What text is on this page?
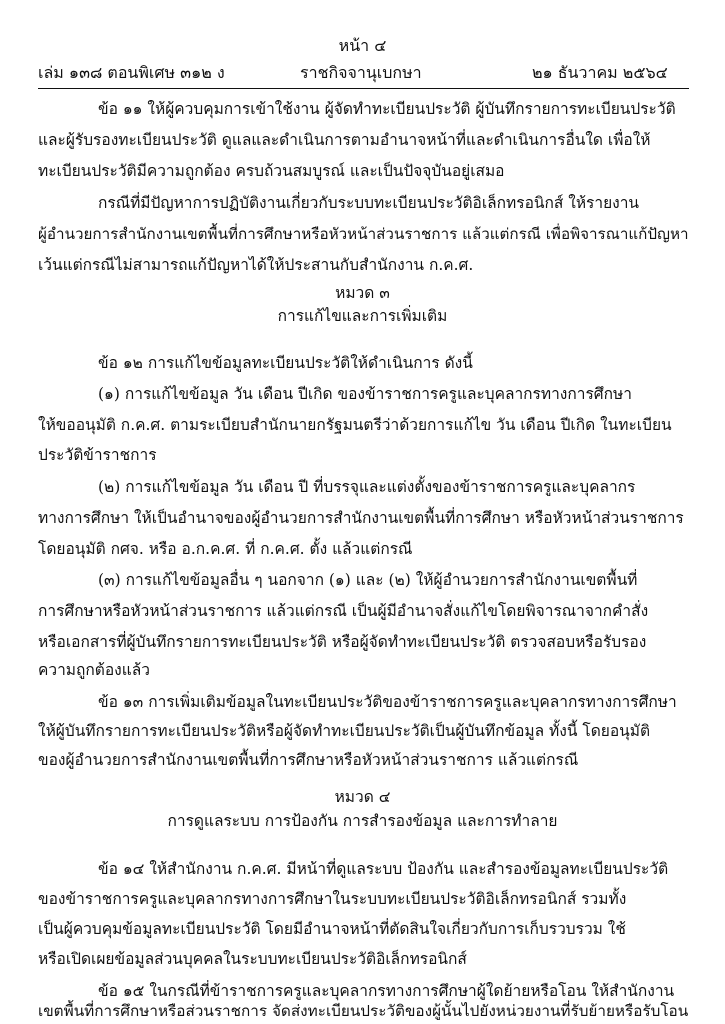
หน้า ๔
เล่ม ๑๓๘ ตอนพิเศษ ๓๑๒ ง	ราชกิจจานุเบกษา	๒๑ ธันวาคม ๒๕๖๔
ข้อ ๑๑ ให้ผู้ควบคุมการเข้าใช้งาน ผู้จัดทำทะเบียนประวัติ ผู้บันทึกรายการทะเบียนประวัติ
และผู้รับรองทะเบียนประวัติ ดูแลและดำเนินการตามอำนาจหน้าที่และดำเนินการอื่นใด เพื่อให้
ทะเบียนประวัติมีความถูกต้อง ครบถ้วนสมบูรณ์ และเป็นปัจจุบันอยู่เสมอ
กรณีที่มีปัญหาการปฏิบัติงานเกี่ยวกับระบบทะเบียนประวัติอิเล็กทรอนิกส์ ให้รายงาน
ผู้อำนวยการสำนักงานเขตพื้นที่การศึกษาหรือหัวหน้าส่วนราชการ แล้วแต่กรณี เพื่อพิจารณาแก้ปัญหา
เว้นแต่กรณีไม่สามารถแก้ปัญหาได้ให้ประสานกับสำนักงาน ก.ค.ศ.
หมวด ๓
การแก้ไขและการเพิ่มเติม
ข้อ ๑๒ การแก้ไขข้อมูลทะเบียนประวัติให้ดำเนินการ ดังนี้
(๑) การแก้ไขข้อมูล วัน เดือน ปีเกิด ของข้าราชการครูและบุคลากรทางการศึกษา
ให้ขออนุมัติ ก.ค.ศ. ตามระเบียบสำนักนายกรัฐมนตรีว่าด้วยการแก้ไข วัน เดือน ปีเกิด ในทะเบียน
ประวัติข้าราชการ
(๒) การแก้ไขข้อมูล วัน เดือน ปี ที่บรรจุและแต่งตั้งของข้าราชการครูและบุคลากร
ทางการศึกษา ให้เป็นอำนาจของผู้อำนวยการสำนักงานเขตพื้นที่การศึกษา หรือหัวหน้าส่วนราชการ
โดยอนุมัติ กศจ. หรือ อ.ก.ค.ศ. ที่ ก.ค.ศ. ตั้ง แล้วแต่กรณี
(๓) การแก้ไขข้อมูลอื่น ๆ นอกจาก (๑) และ (๒) ให้ผู้อำนวยการสำนักงานเขตพื้นที่
การศึกษาหรือหัวหน้าส่วนราชการ แล้วแต่กรณี เป็นผู้มีอำนาจสั่งแก้ไขโดยพิจารณาจากคำสั่ง
หรือเอกสารที่ผู้บันทึกรายการทะเบียนประวัติ หรือผู้จัดทำทะเบียนประวัติ ตรวจสอบหรือรับรอง
ความถูกต้องแล้ว
ข้อ ๑๓ การเพิ่มเติมข้อมูลในทะเบียนประวัติของข้าราชการครูและบุคลากรทางการศึกษา
ให้ผู้บันทึกรายการทะเบียนประวัติหรือผู้จัดทำทะเบียนประวัติเป็นผู้บันทึกข้อมูล ทั้งนี้ โดยอนุมัติ
ของผู้อำนวยการสำนักงานเขตพื้นที่การศึกษาหรือหัวหน้าส่วนราชการ แล้วแต่กรณี
หมวด ๔
การดูแลระบบ การป้องกัน การสำรองข้อมูล และการทำลาย
ข้อ ๑๔ ให้สำนักงาน ก.ค.ศ. มีหน้าที่ดูแลระบบ ป้องกัน และสำรองข้อมูลทะเบียนประวัติ
ของข้าราชการครูและบุคลากรทางการศึกษาในระบบทะเบียนประวัติอิเล็กทรอนิกส์ รวมทั้ง
เป็นผู้ควบคุมข้อมูลทะเบียนประวัติ โดยมีอำนาจหน้าที่ตัดสินใจเกี่ยวกับการเก็บรวบรวม ใช้
หรือเปิดเผยข้อมูลส่วนบุคคลในระบบทะเบียนประวัติอิเล็กทรอนิกส์
ข้อ ๑๕ ในกรณีที่ข้าราชการครูและบุคลากรทางการศึกษาผู้ใดย้ายหรือโอน ให้สำนักงาน
เขตพื้นที่การศึกษาหรือส่วนราชการ จัดส่งทะเบียนประวัติของผู้นั้นไปยังหน่วยงานที่รับย้ายหรือรับโอน
